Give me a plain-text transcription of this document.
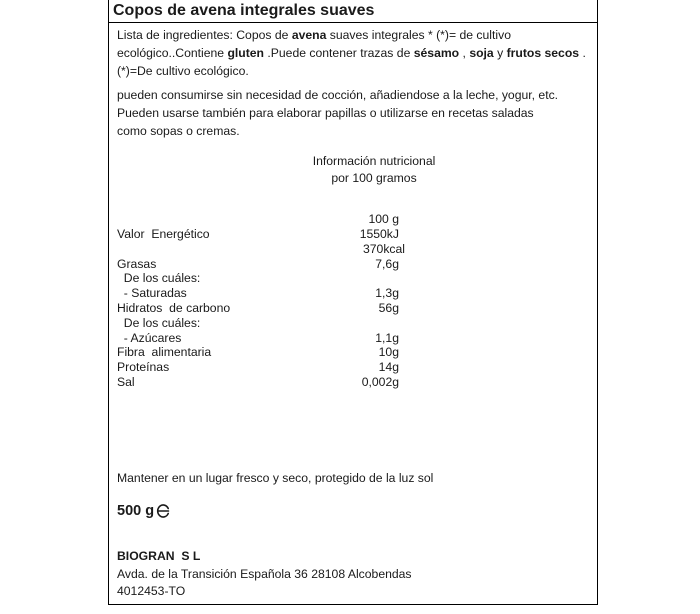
Copos de avena integrales suaves
Lista de ingredientes: Copos de avena suaves integrales * (*)= de cultivo ecológico..Contiene gluten .Puede contener trazas de sésamo , soja y frutos secos .(*)=De cultivo ecológico.
pueden consumirse sin necesidad de cocción, añadiendose a la leche, yogur, etc.
Pueden usarse también para elaborar papillas o utilizarse en recetas saladas
como sopas o cremas.
Información nutricional
por 100 gramos
100 g
Valor  Energético	1550kJ
370kcal
Grasas	7,6g
De los cuáles:
- Saturadas	1,3g
Hidratos  de carbono	56g
De los cuáles:
- Azúcares	1,1g
Fibra  alimentaria	10g
Proteínas	14g
Sal	0,002g
Mantener en un lugar fresco y seco, protegido de la luz sol
500 g
BIOGRAN  S L
Avda. de la Transición Española 36 28108 Alcobendas
4012453-TO
